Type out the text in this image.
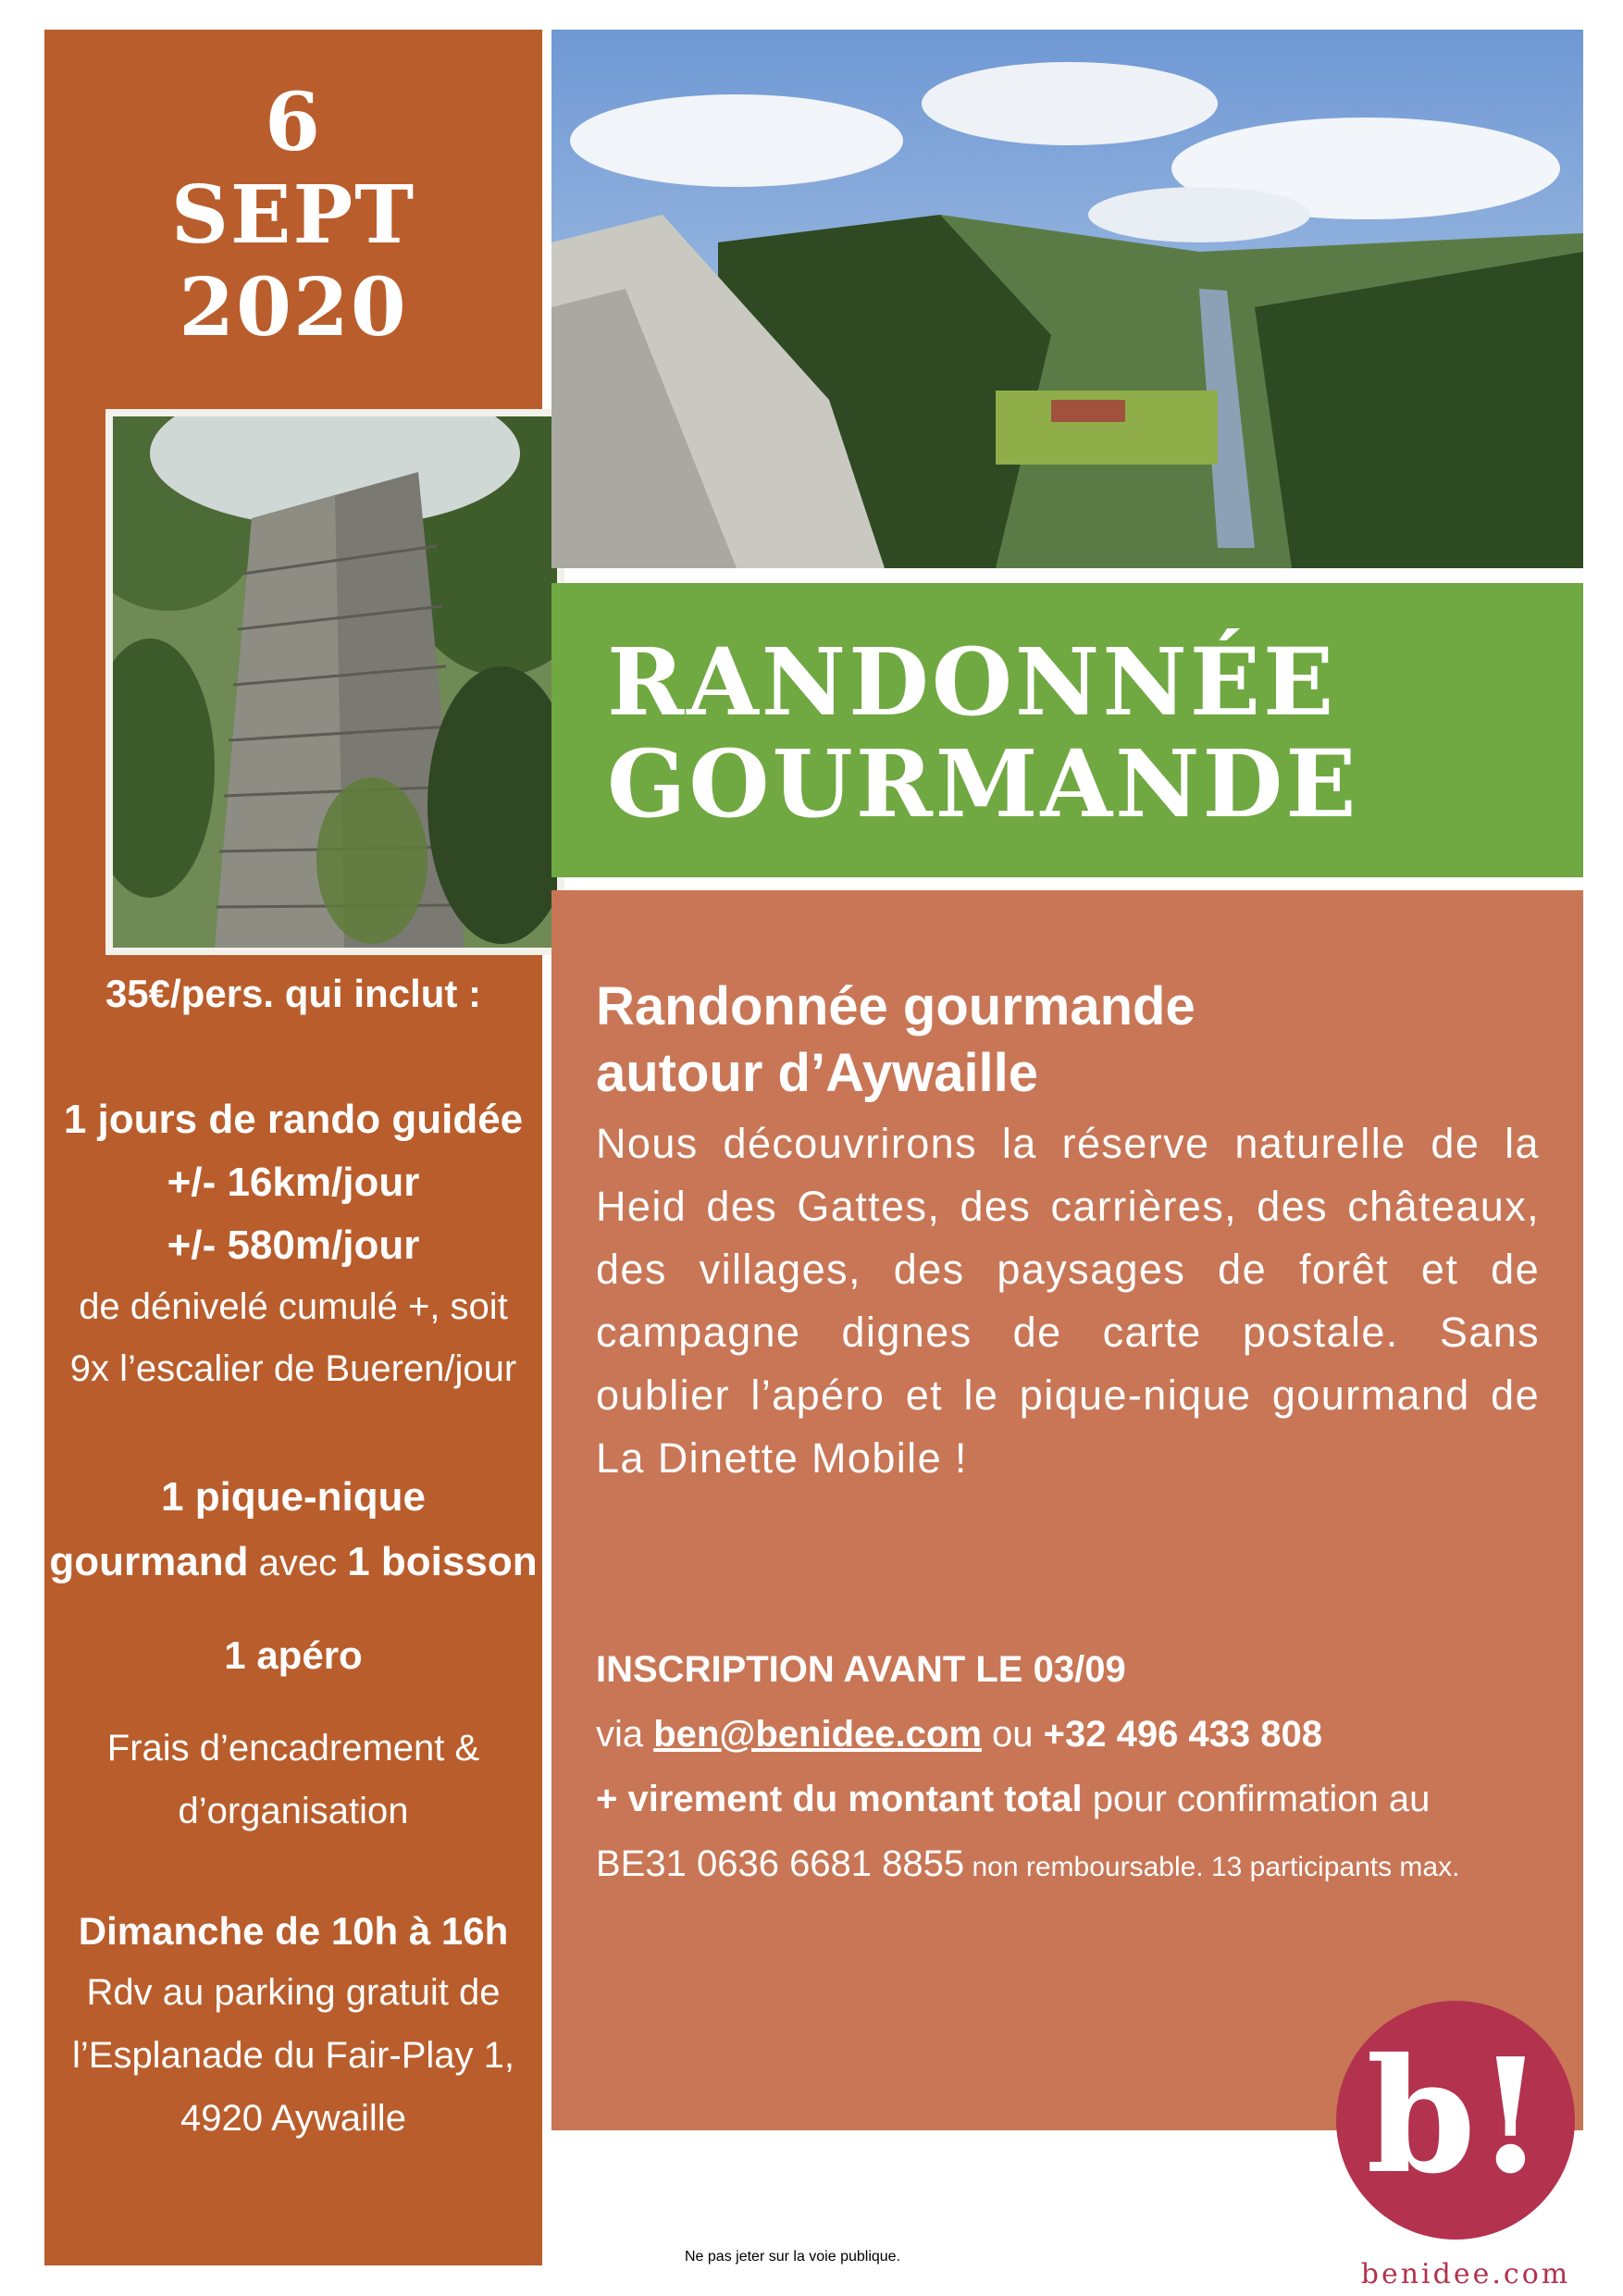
6
SEPT
2020
35€/pers. qui inclut :
1 jours de rando guidée
+/- 16km/jour
+/- 580m/jour
de dénivelé cumulé +, soit
9x l’escalier de Bueren/jour
1 pique-nique
gourmand avec 1 boisson
1 apéro
Frais d’encadrement &
d’organisation
Dimanche de 10h à 16h
Rdv au parking gratuit de
l’Esplanade du Fair-Play 1,
4920 Aywaille
RANDONNÉE
GOURMANDE
Randonnée gourmande
autour d’Aywaille
Nous découvrirons la réserve naturelle de la Heid des Gattes, des carrières, des châteaux, des villages, des paysages de forêt et de campagne dignes de carte postale. Sans oublier l’apéro et le pique-nique gourmand de La Dinette Mobile !
INSCRIPTION AVANT LE 03/09
via ben@benidee.com ou +32 496 433 808
+ virement du montant total pour confirmation au
BE31 0636 6681 8855 non remboursable. 13 participants max.
Ne pas jeter sur la voie publique.
b!
benidee.com
